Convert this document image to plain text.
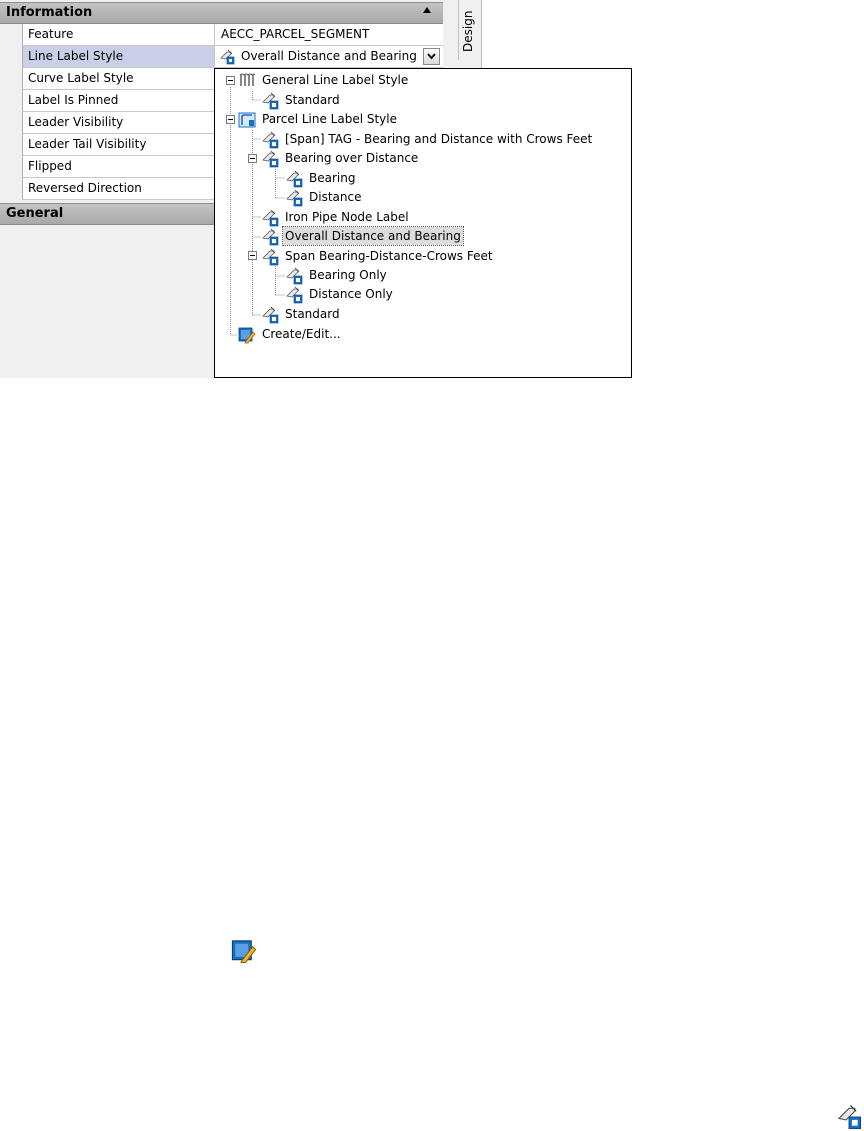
Information
Feature	AECC_PARCEL_SEGMENT
Line Label Style	Overall Distance and Bearing
Curve Label Style
Label Is Pinned
Leader Visibility
Leader Tail Visibility
Flipped
Reversed Direction
General
Design
General Line Label Style
Standard
Parcel Line Label Style
[Span] TAG - Bearing and Distance with Crows Feet
Bearing over Distance
Bearing
Distance
Iron Pipe Node Label
Overall Distance and Bearing
Span Bearing-Distance-Crows Feet
Bearing Only
Distance Only
Standard
Create/Edit...
